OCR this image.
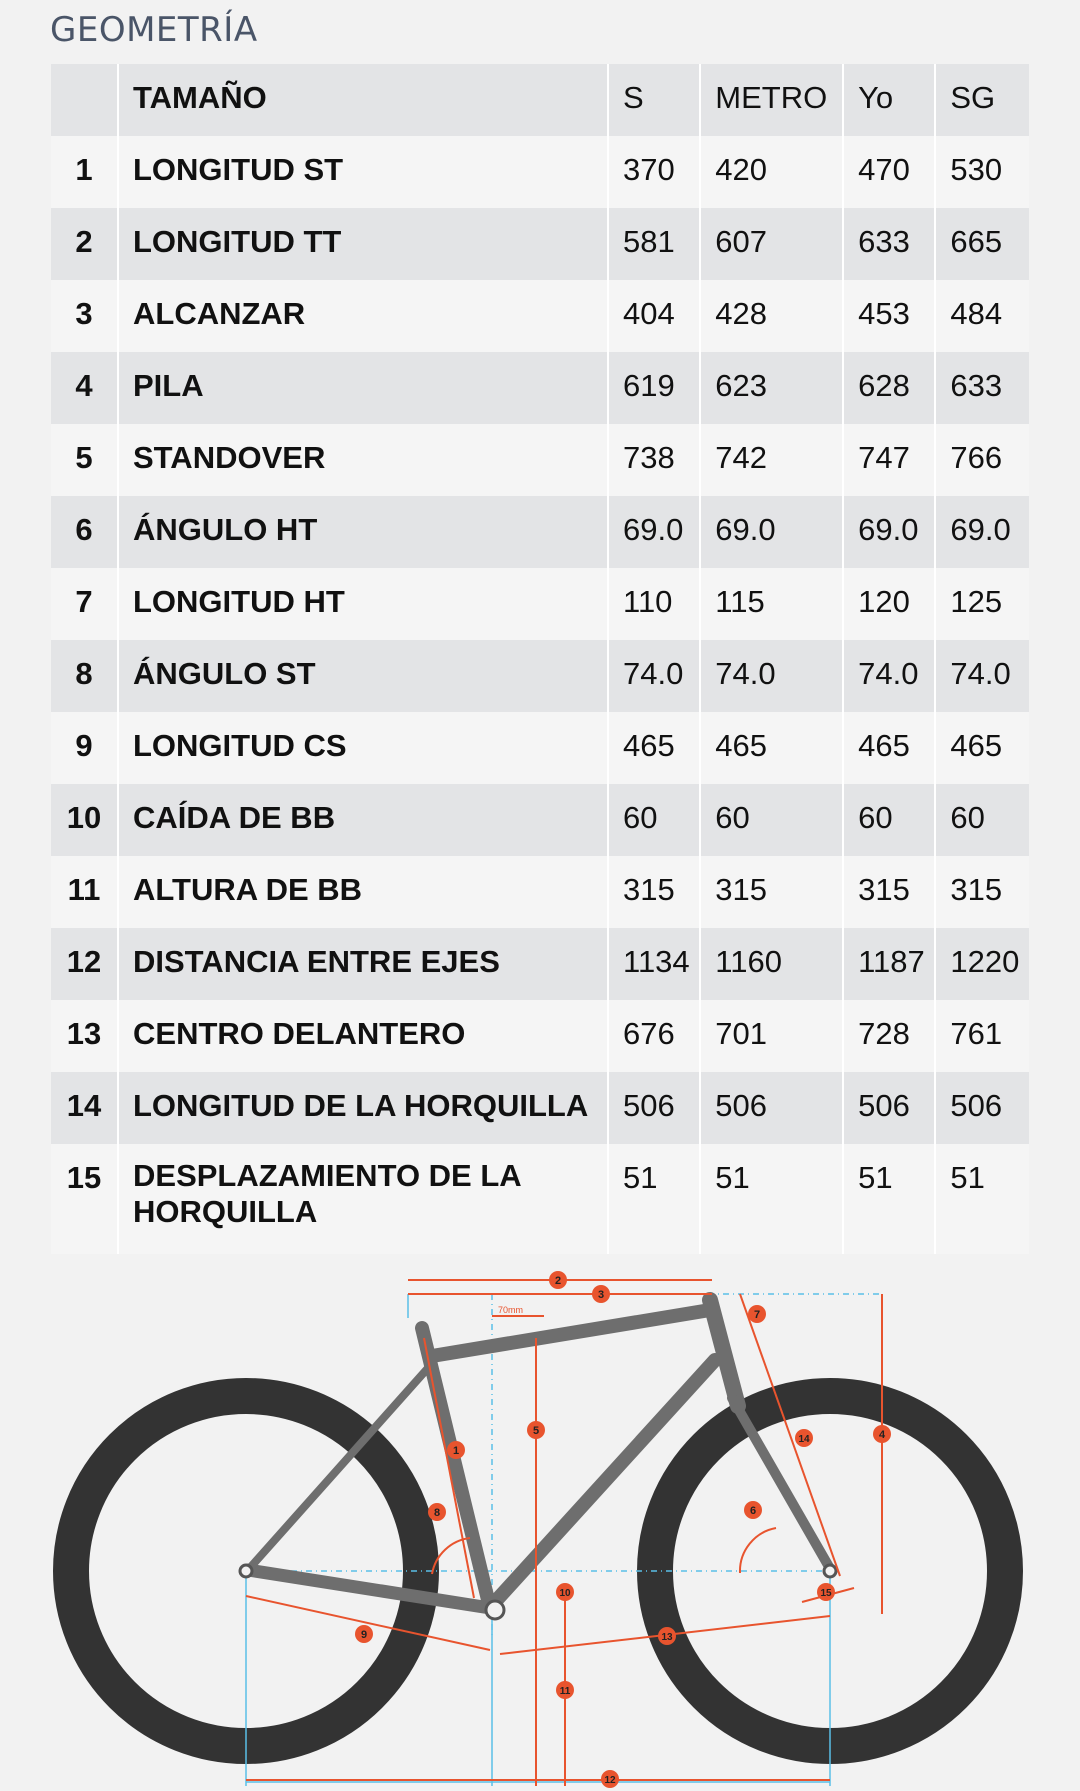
GEOMETRÍA
	TAMAÑO	S	METRO	Yo	SG
1	LONGITUD ST	370	420	470	530
2	LONGITUD TT	581	607	633	665
3	ALCANZAR	404	428	453	484
4	PILA	619	623	628	633
5	STANDOVER	738	742	747	766
6	ÁNGULO HT	69.0	69.0	69.0	69.0
7	LONGITUD HT	110	115	120	125
8	ÁNGULO ST	74.0	74.0	74.0	74.0
9	LONGITUD CS	465	465	465	465
10	CAÍDA DE BB	60	60	60	60
11	ALTURA DE BB	315	315	315	315
12	DISTANCIA ENTRE EJES	1134	1160	1187	1220
13	CENTRO DELANTERO	676	701	728	761
14	LONGITUD DE LA HORQUILLA	506	506	506	506
15	DESPLAZAMIENTO DE LA
HORQUILLA	51	51	51	51
70mm
2
3
7
1
5
14	4
8	6
10	15
9	13
11
12
